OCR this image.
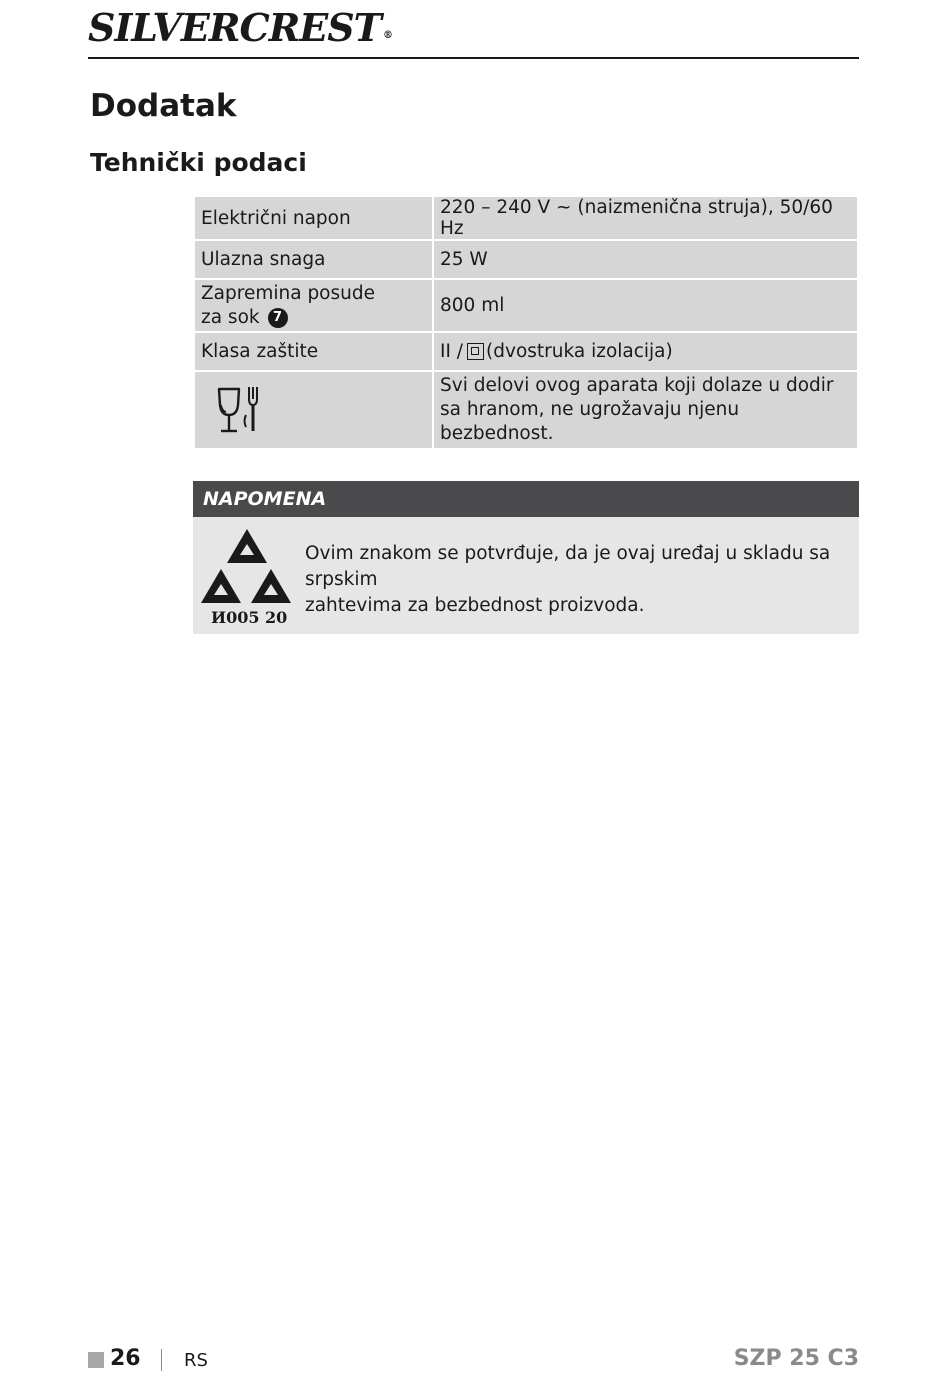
SILVERCREST ®
Dodatak
Tehnički podaci
Električni napon	220 – 240 V ~ (naizmenična struja), 50/60 Hz
Ulazna snaga	25 W
Zapremina posude
za sok 7	800 ml
Klasa zaštite	II / (dvostruka izolacija)

	Svi delovi ovog aparata koji dolaze u dodir
sa hranom, ne ugrožavaju njenu bezbednost.
NAPOMENA
И005 20
Ovim znakom se potvrđuje, da je ovaj uređaj u skladu sa srpskim
zahtevima za bezbednost proizvoda.
26 RS	SZP 25 C3
